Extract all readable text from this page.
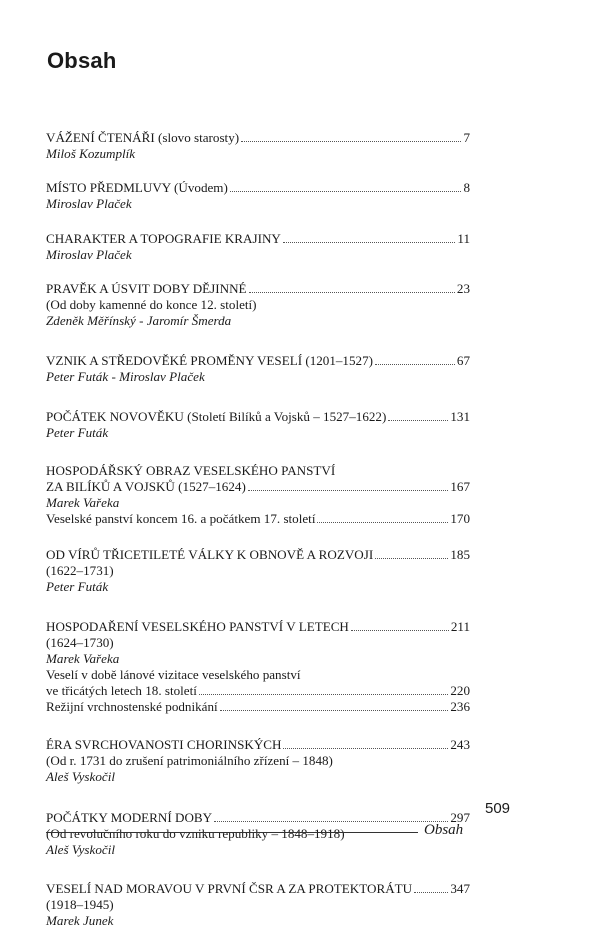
Obsah
VÁŽENÍ ČTENÁŘI (slovo starosty)	7
Miloš Kozumplík
MÍSTO PŘEDMLUVY (Úvodem)	8
Miroslav Plaček
CHARAKTER A TOPOGRAFIE KRAJINY	11
Miroslav Plaček
PRAVĚK A ÚSVIT DOBY DĚJINNÉ	23
(Od doby kamenné do konce 12. století)
Zdeněk Měřínský - Jaromír Šmerda
VZNIK A STŘEDOVĚKÉ PROMĚNY VESELÍ (1201–1527)	67
Peter Futák - Miroslav Plaček
POČÁTEK NOVOVĚKU (Století Bilíků a Vojsků – 1527–1622)	131
Peter Futák
HOSPODÁŘSKÝ OBRAZ VESELSKÉHO PANSTVÍ
ZA BILÍKŮ A VOJSKŮ (1527–1624)	167
Marek Vařeka
Veselské panství koncem 16. a počátkem 17. století	170
OD VÍRŮ TŘICETILETÉ VÁLKY K OBNOVĚ A ROZVOJI	185
(1622–1731)
Peter Futák
HOSPODAŘENÍ VESELSKÉHO PANSTVÍ V LETECH	211
(1624–1730)
Marek Vařeka
Veselí v době lánové vizitace veselského panství
ve třicátých letech 18. století	220
Režijní vrchnostenské podnikání	236
ÉRA SVRCHOVANOSTI CHORINSKÝCH	243
(Od r. 1731 do zrušení patrimoniálního zřízení – 1848)
Aleš Vyskočil
POČÁTKY MODERNÍ DOBY	297
(Od revolučního roku do vzniku republiky – 1848–1918)
Aleš Vyskočil
VESELÍ NAD MORAVOU V PRVNÍ ČSR A ZA PROTEKTORÁTU	347
(1918–1945)
Marek Junek
509
Obsah
